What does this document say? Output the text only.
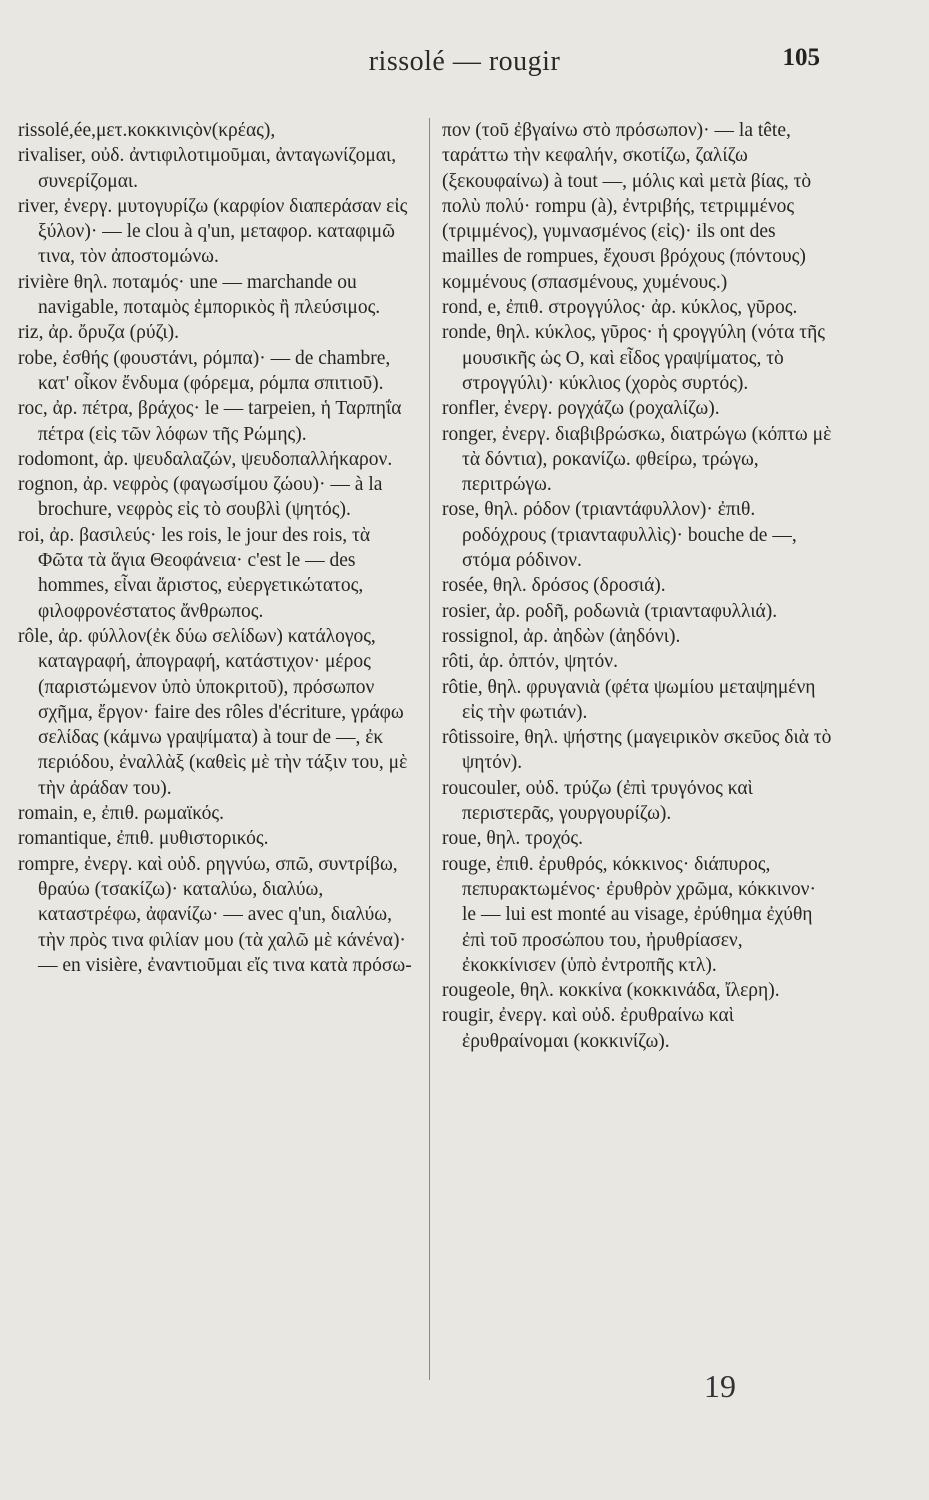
rissolé — rougir	105

rissolé,ée,μετ.κοκκινιςὸν(κρέας),

rivaliser, οὐδ. ἀντιφιλοτιμοῦμαι, ἀνταγωνίζομαι, συνερίζομαι.

river, ἐνεργ. μυτογυρίζω (καρφίον διαπεράσαν εἰς ξύλον)· — le clou à q'un, μεταφορ. καταφιμῶ τινα, τὸν ἀποστομώνω.

rivière θηλ. ποταμός· une — marchande ou navigable, ποταμὸς ἐμπορικὸς ἢ πλεύσιμος.

riz, ἀρ. ὄρυζα (ρύζι).

robe, ἐσθής (φουστάνι, ρόμπα)· — de chambre, κατ' οἶκον ἔνδυμα (φόρεμα, ρόμπα σπιτιοῦ).

roc, ἀρ. πέτρα, βράχος· le — tarpeien, ἡ Ταρπηΐα πέτρα (εἰς τῶν λόφων τῆς Ρώμης).

rodomont, ἀρ. ψευδαλαζών, ψευδοπαλλήκαρον.

rognon, ἀρ. νεφρὸς (φαγωσίμου ζώου)· — à la brochure, νεφρὸς εἰς τὸ σουβλὶ (ψητός).

roi, ἀρ. βασιλεύς· les rois, le jour des rois, τὰ Φῶτα τὰ ἅγια Θεοφάνεια· c'est le — des hommes, εἶναι ἄριστος, εὐεργετικώτατος, φιλοφρονέστατος ἄνθρωπος.

rôle, ἀρ. φύλλον(ἐκ δύω σελίδων) κατάλογος, καταγραφή, ἀπογραφή, κατάστιχον· μέρος (παριστώμενον ὑπὸ ὑποκριτοῦ), πρόσωπον σχῆμα, ἔργον· faire des rôles d'écriture, γράφω σελίδας (κάμνω γραψίματα) à tour de —, ἐκ περιόδου, ἐναλλὰξ (καθεὶς μὲ τὴν τάξιν του, μὲ τὴν ἀράδαν του).

romain, e, ἐπιθ. ρωμαϊκός.

romantique, ἐπιθ. μυθιστορικός.

rompre, ἐνεργ. καὶ οὐδ. ρηγνύω, σπῶ, συντρίβω, θραύω (τσακίζω)· καταλύω, διαλύω, καταστρέφω, ἀφανίζω· — avec q'un, διαλύω, τὴν πρὸς τινα φιλίαν μου (τὰ χαλῶ μὲ κάνένα)· — en visière, ἐναντιοῦμαι εἴς τινα κατὰ πρόσω-

πον (τοῦ ἐβγαίνω στὸ πρόσωπον)· — la tête, ταράττω τὴν κεφαλήν, σκοτίζω, ζαλίζω (ξεκουφαίνω) à tout —, μόλις καὶ μετὰ βίας, τὸ πολὺ πολύ· rompu (à), ἐντριβής, τετριμμένος (τριμμένος), γυμνασμένος (εἰς)· ils ont des mailles de rompues, ἔχουσι βρόχους (πόντους) κομμένους (σπασμένους, χυμένους.)

rond, e, ἐπιθ. στρογγύλος· ἀρ. κύκλος, γῦρος.

ronde, θηλ. κύκλος, γῦρος· ἡ ςρογγύλη (νότα τῆς μουσικῆς ὡς O, καὶ εἶδος γραψίματος, τὸ στρογγύλι)· κύκλιος (χορὸς συρτός).

ronfler, ἐνεργ. ρογχάζω (ροχαλίζω).

ronger, ἐνεργ. διαβιβρώσκω, διατρώγω (κόπτω μὲ τὰ δόντια), ροκανίζω. φθείρω, τρώγω, περιτρώγω.

rose, θηλ. ρόδον (τριαντάφυλλον)· ἐπιθ. ροδόχρους (τριανταφυλλὶς)· bouche de —, στόμα ρόδινον.

rosée, θηλ. δρόσος (δροσιά).

rosier, ἀρ. ροδῆ, ροδωνιὰ (τριανταφυλλιά).

rossignol, ἀρ. ἀηδὼν (ἀηδόνι).

rôti, ἀρ. ὀπτόν, ψητόν.

rôtie, θηλ. φρυγανιὰ (φέτα ψωμίου μεταψημένη εἰς τὴν φωτιάν).

rôtissoire, θηλ. ψήστης (μαγειρικὸν σκεῦος διὰ τὸ ψητόν).

roucouler, οὐδ. τρύζω (ἐπὶ τρυγόνος καὶ περιστερᾶς, γουργουρίζω).

roue, θηλ. τροχός.

rouge, ἐπιθ. ἐρυθρός, κόκκινος· διάπυρος, πεπυρακτωμένος· ἐρυθρὸν χρῶμα, κόκκινον· le — lui est monté au visage, ἐρύθημα ἐχύθη ἐπὶ τοῦ προσώπου του, ἠρυθρίασεν, ἐκοκκίνισεν (ὑπὸ ἐντροπῆς κτλ).

rougeole, θηλ. κοκκίνα (κοκκινάδα, ἴλερη).

rougir, ἐνεργ. καὶ οὐδ. ἐρυθραίνω καὶ ἐρυθραίνομαι (κοκκινίζω).

19
